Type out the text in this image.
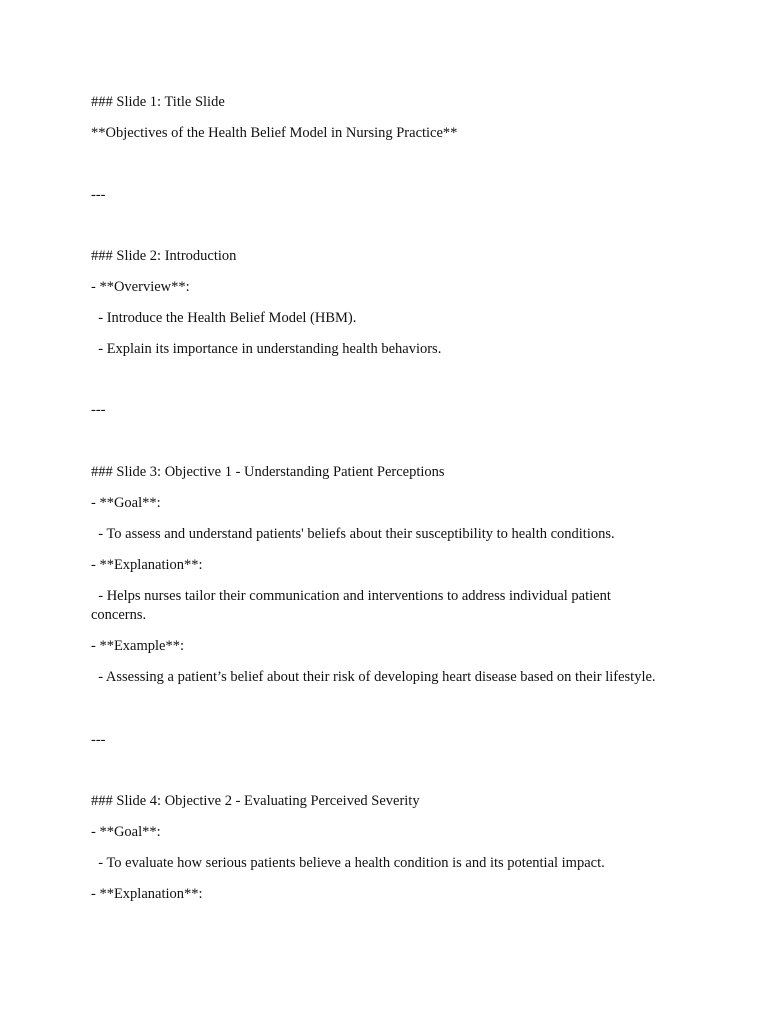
### Slide 1: Title Slide

**Objectives of the Health Belief Model in Nursing Practice**

---

### Slide 2: Introduction

- **Overview**:

- Introduce the Health Belief Model (HBM).

- Explain its importance in understanding health behaviors.

---

### Slide 3: Objective 1 - Understanding Patient Perceptions

- **Goal**:

- To assess and understand patients' beliefs about their susceptibility to health conditions.

- **Explanation**:

- Helps nurses tailor their communication and interventions to address individual patient concerns.

- **Example**:

- Assessing a patient’s belief about their risk of developing heart disease based on their lifestyle.

---

### Slide 4: Objective 2 - Evaluating Perceived Severity

- **Goal**:

- To evaluate how serious patients believe a health condition is and its potential impact.

- **Explanation**:
